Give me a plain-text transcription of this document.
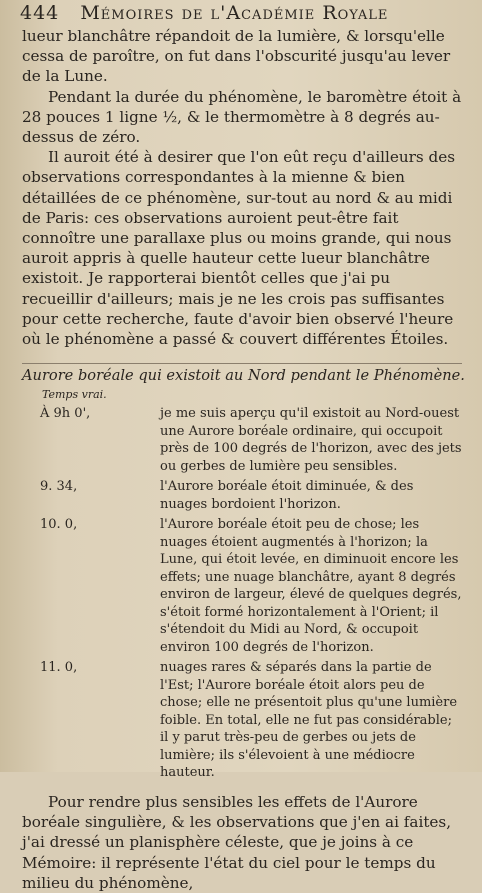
444 Mémoires de l'Académie Royale

lueur blanchâtre répandoit de la lumière, & lorsqu'elle cessa de paroître, on fut dans l'obscurité jusqu'au lever de la Lune.

Pendant la durée du phénomène, le baromètre étoit à 28 pouces 1 ligne ½, & le thermomètre à 8 degrés au-dessus de zéro.

Il auroit été à desirer que l'on eût reçu d'ailleurs des observations correspondantes à la mienne & bien détaillées de ce phénomène, sur-tout au nord & au midi de Paris: ces observations auroient peut-être fait connoître une parallaxe plus ou moins grande, qui nous auroit appris à quelle hauteur cette lueur blanchâtre existoit. Je rapporterai bientôt celles que j'ai pu recueillir d'ailleurs; mais je ne les crois pas suffisantes pour cette recherche, faute d'avoir bien observé l'heure où le phénomène a passé & couvert différentes Étoiles.

Aurore boréale qui existoit au Nord pendant le Phénomène.

Temps vrai.

À 9h 0',	je me suis aperçu qu'il existoit au Nord-ouest une Aurore boréale ordinaire, qui occupoit près de 100 degrés de l'horizon, avec des jets ou gerbes de lumière peu sensibles.

9. 34,	l'Aurore boréale étoit diminuée, & des nuages bordoient l'horizon.

10. 0,	l'Aurore boréale étoit peu de chose; les nuages étoient augmentés à l'horizon; la Lune, qui étoit levée, en diminuoit encore les effets; une nuage blanchâtre, ayant 8 degrés environ de largeur, élevé de quelques degrés, s'étoit formé horizontalement à l'Orient; il s'étendoit du Midi au Nord, & occupoit environ 100 degrés de l'horizon.

11. 0,	nuages rares & séparés dans la partie de l'Est; l'Aurore boréale étoit alors peu de chose; elle ne présentoit plus qu'une lumière foible. En total, elle ne fut pas considérable; il y parut très-peu de gerbes ou jets de lumière; ils s'élevoient à une médiocre hauteur.

Pour rendre plus sensibles les effets de l'Aurore boréale singulière, & les observations que j'en ai faites, j'ai dressé un planisphère céleste, que je joins à ce Mémoire: il représente l'état du ciel pour le temps du milieu du phénomène,
